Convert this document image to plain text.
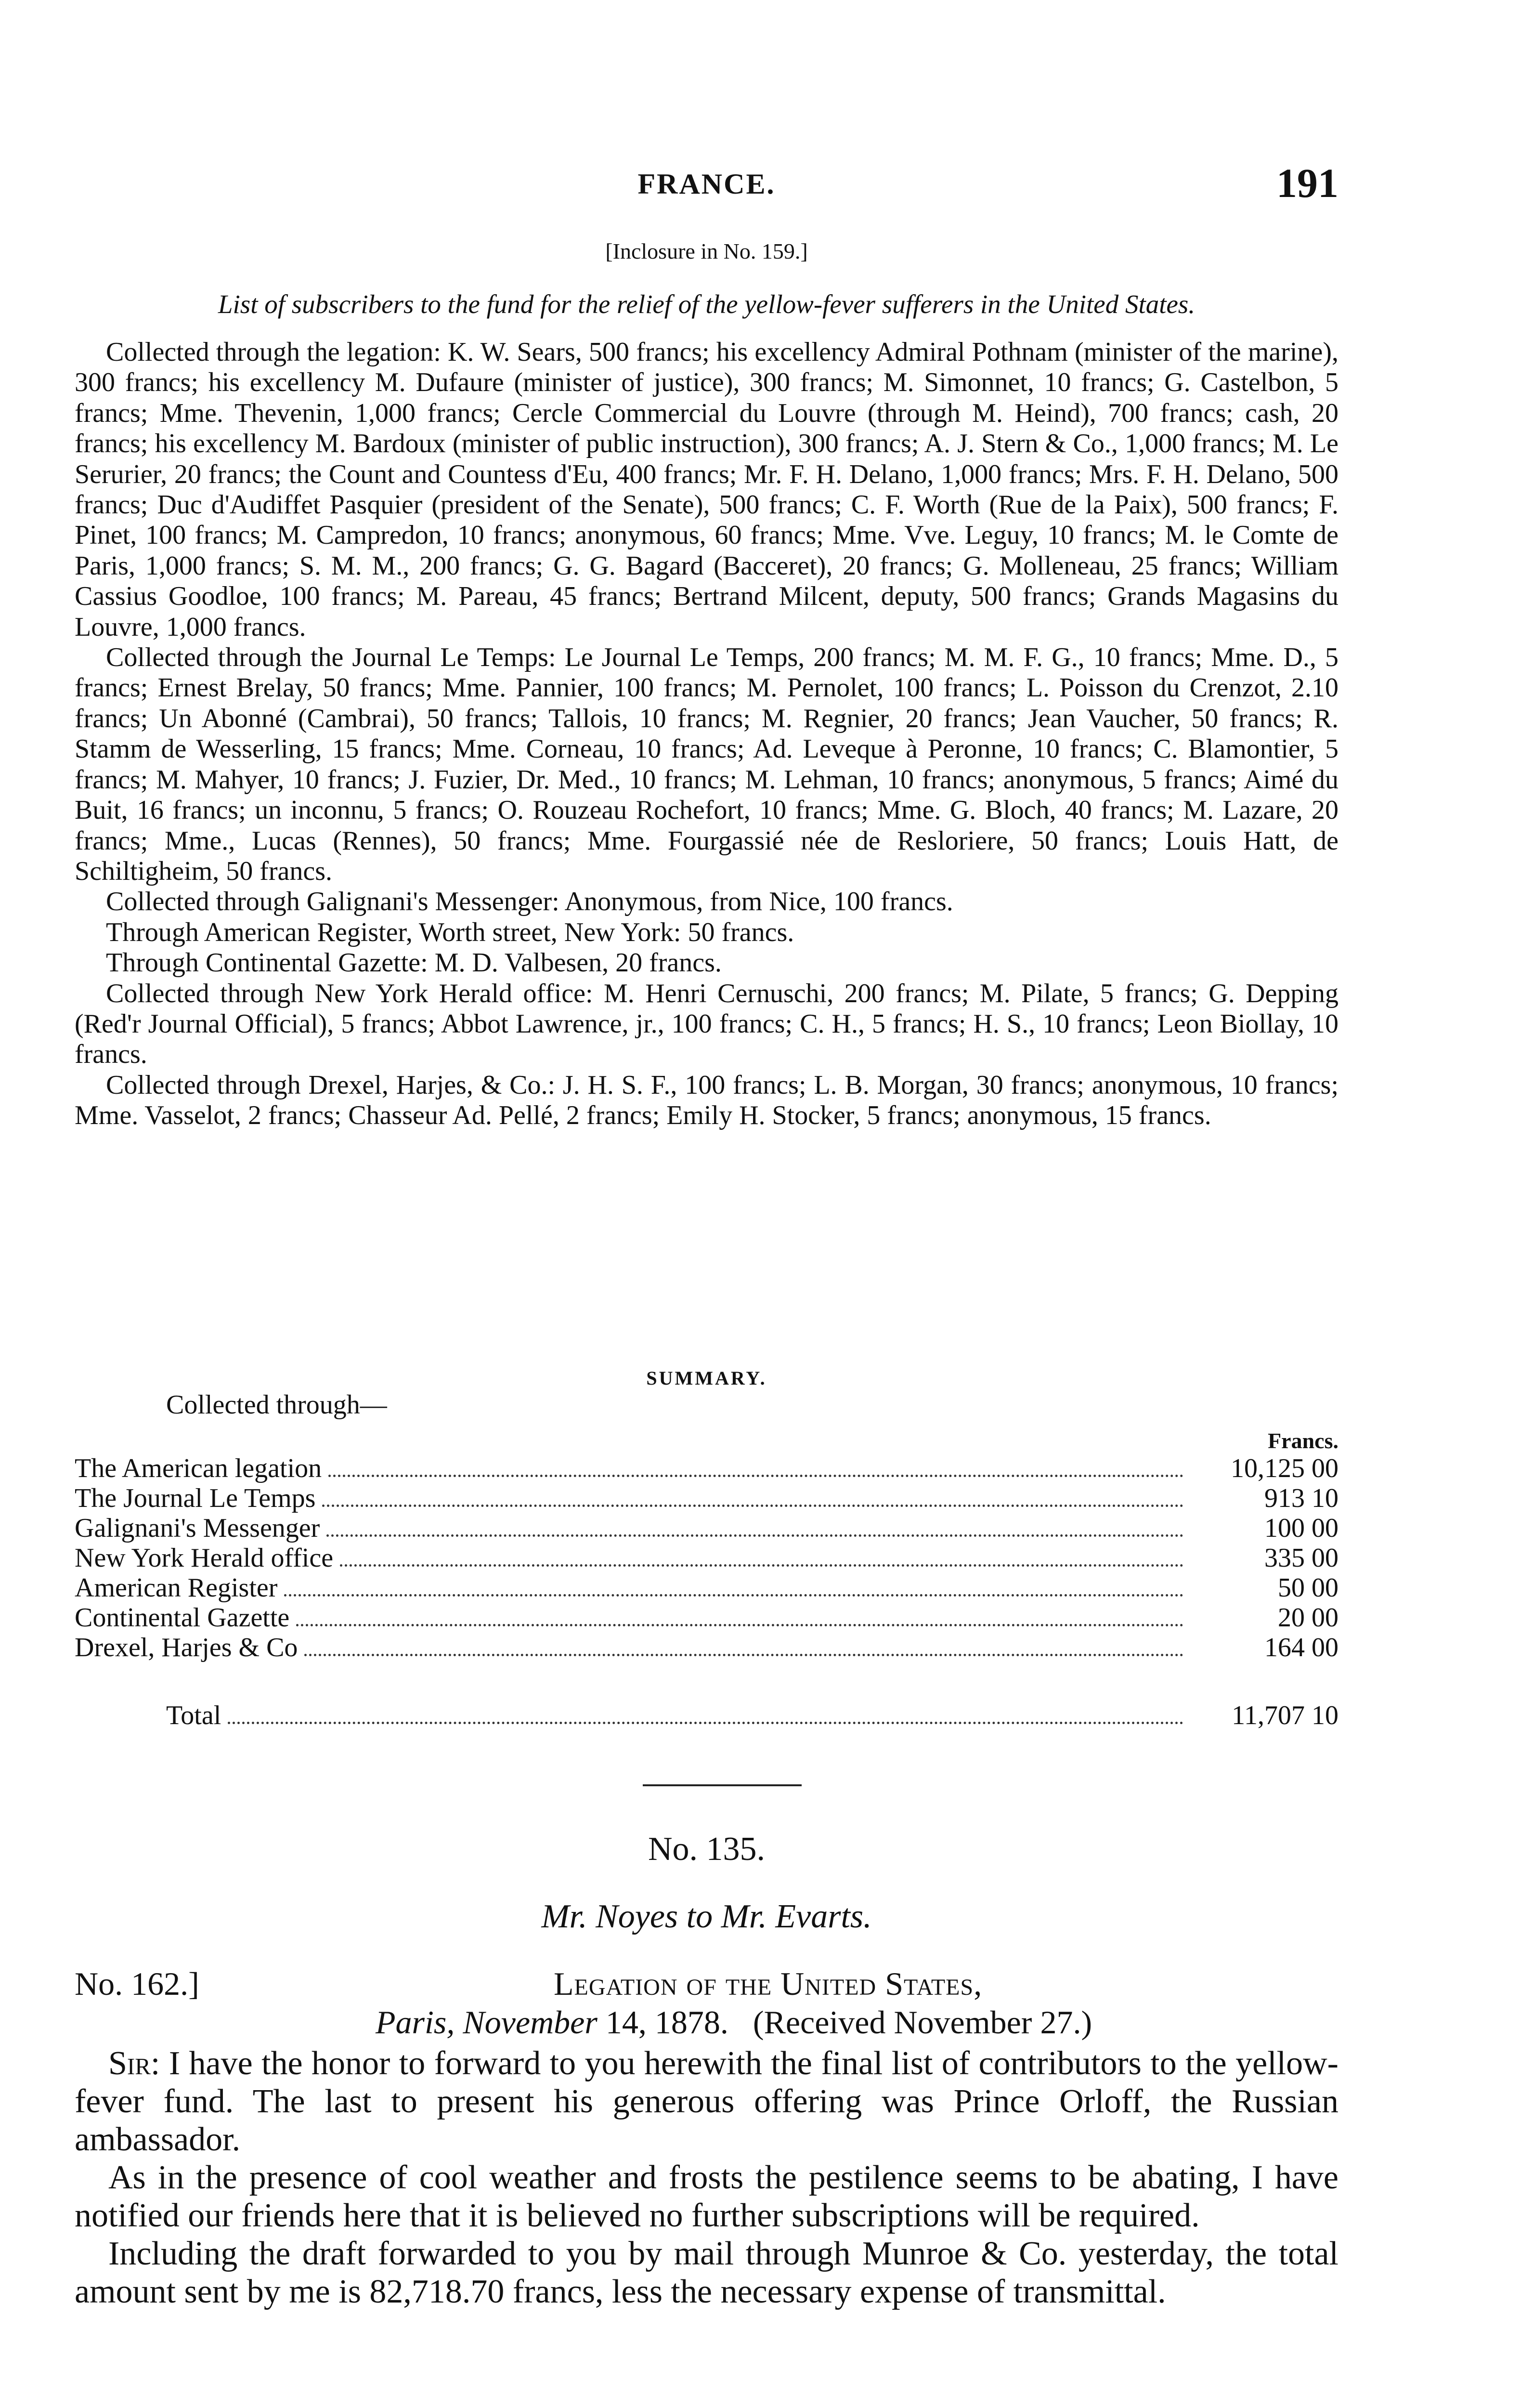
FRANCE.	191
[Inclosure in No. 159.]
List of subscribers to the fund for the relief of the yellow-fever sufferers in the United States.

Collected through the legation: K. W. Sears, 500 francs; his excellency Admiral Pothnam (minister of the marine), 300 francs; his excellency M. Dufaure (minister of justice), 300 francs; M. Simonnet, 10 francs; G. Castelbon, 5 francs; Mme. Thevenin, 1,000 francs; Cercle Commercial du Louvre (through M. Heind), 700 francs; cash, 20 francs; his excellency M. Bardoux (minister of public instruction), 300 francs; A. J. Stern & Co., 1,000 francs; M. Le Serurier, 20 francs; the Count and Countess d'Eu, 400 francs; Mr. F. H. Delano, 1,000 francs; Mrs. F. H. Delano, 500 francs; Duc d'Audiffet Pasquier (president of the Senate), 500 francs; C. F. Worth (Rue de la Paix), 500 francs; F. Pinet, 100 francs; M. Campredon, 10 francs; anonymous, 60 francs; Mme. Vve. Leguy, 10 francs; M. le Comte de Paris, 1,000 francs; S. M. M., 200 francs; G. G. Bagard (Bacceret), 20 francs; G. Molleneau, 25 francs; William Cassius Goodloe, 100 francs; M. Pareau, 45 francs; Bertrand Milcent, deputy, 500 francs; Grands Magasins du Louvre, 1,000 francs.

Collected through the Journal Le Temps: Le Journal Le Temps, 200 francs; M. M. F. G., 10 francs; Mme. D., 5 francs; Ernest Brelay, 50 francs; Mme. Pannier, 100 francs; M. Pernolet, 100 francs; L. Poisson du Crenzot, 2.10 francs; Un Abonné (Cambrai), 50 francs; Tallois, 10 francs; M. Regnier, 20 francs; Jean Vaucher, 50 francs; R. Stamm de Wesserling, 15 francs; Mme. Corneau, 10 francs; Ad. Leveque à Peronne, 10 francs; C. Blamontier, 5 francs; M. Mahyer, 10 francs; J. Fuzier, Dr. Med., 10 francs; M. Lehman, 10 francs; anonymous, 5 francs; Aimé du Buit, 16 francs; un inconnu, 5 francs; O. Rouzeau Rochefort, 10 francs; Mme. G. Bloch, 40 francs; M. Lazare, 20 francs; Mme., Lucas (Rennes), 50 francs; Mme. Fourgassié née de Resloriere, 50 francs; Louis Hatt, de Schiltigheim, 50 francs.

Collected through Galignani's Messenger: Anonymous, from Nice, 100 francs.

Through American Register, Worth street, New York: 50 francs.

Through Continental Gazette: M. D. Valbesen, 20 francs.

Collected through New York Herald office: M. Henri Cernuschi, 200 francs; M. Pilate, 5 francs; G. Depping (Red'r Journal Official), 5 francs; Abbot Lawrence, jr., 100 francs; C. H., 5 francs; H. S., 10 francs; Leon Biollay, 10 francs.

Collected through Drexel, Harjes, & Co.: J. H. S. F., 100 francs; L. B. Morgan, 30 francs; anonymous, 10 francs; Mme. Vasselot, 2 francs; Chasseur Ad. Pellé, 2 francs; Emily H. Stocker, 5 francs; anonymous, 15 francs.

SUMMARY.
Collected through—
Francs.
The American legation	10,125 00
The Journal Le Temps	913 10
Galignani's Messenger	100 00
New York Herald office	335 00
American Register	50 00
Continental Gazette	20 00
Drexel, Harjes & Co	164 00
Total	11,707 10
No. 135.
Mr. Noyes to Mr. Evarts.
No. 162.]	Legation of the United States,
Paris, November 14, 1878. (Received November 27.)

Sir: I have the honor to forward to you herewith the final list of contributors to the yellow-fever fund. The last to present his generous offering was Prince Orloff, the Russian ambassador.

As in the presence of cool weather and frosts the pestilence seems to be abating, I have notified our friends here that it is believed no further subscriptions will be required.

Including the draft forwarded to you by mail through Munroe & Co. yesterday, the total amount sent by me is 82,718.70 francs, less the necessary expense of transmittal.
